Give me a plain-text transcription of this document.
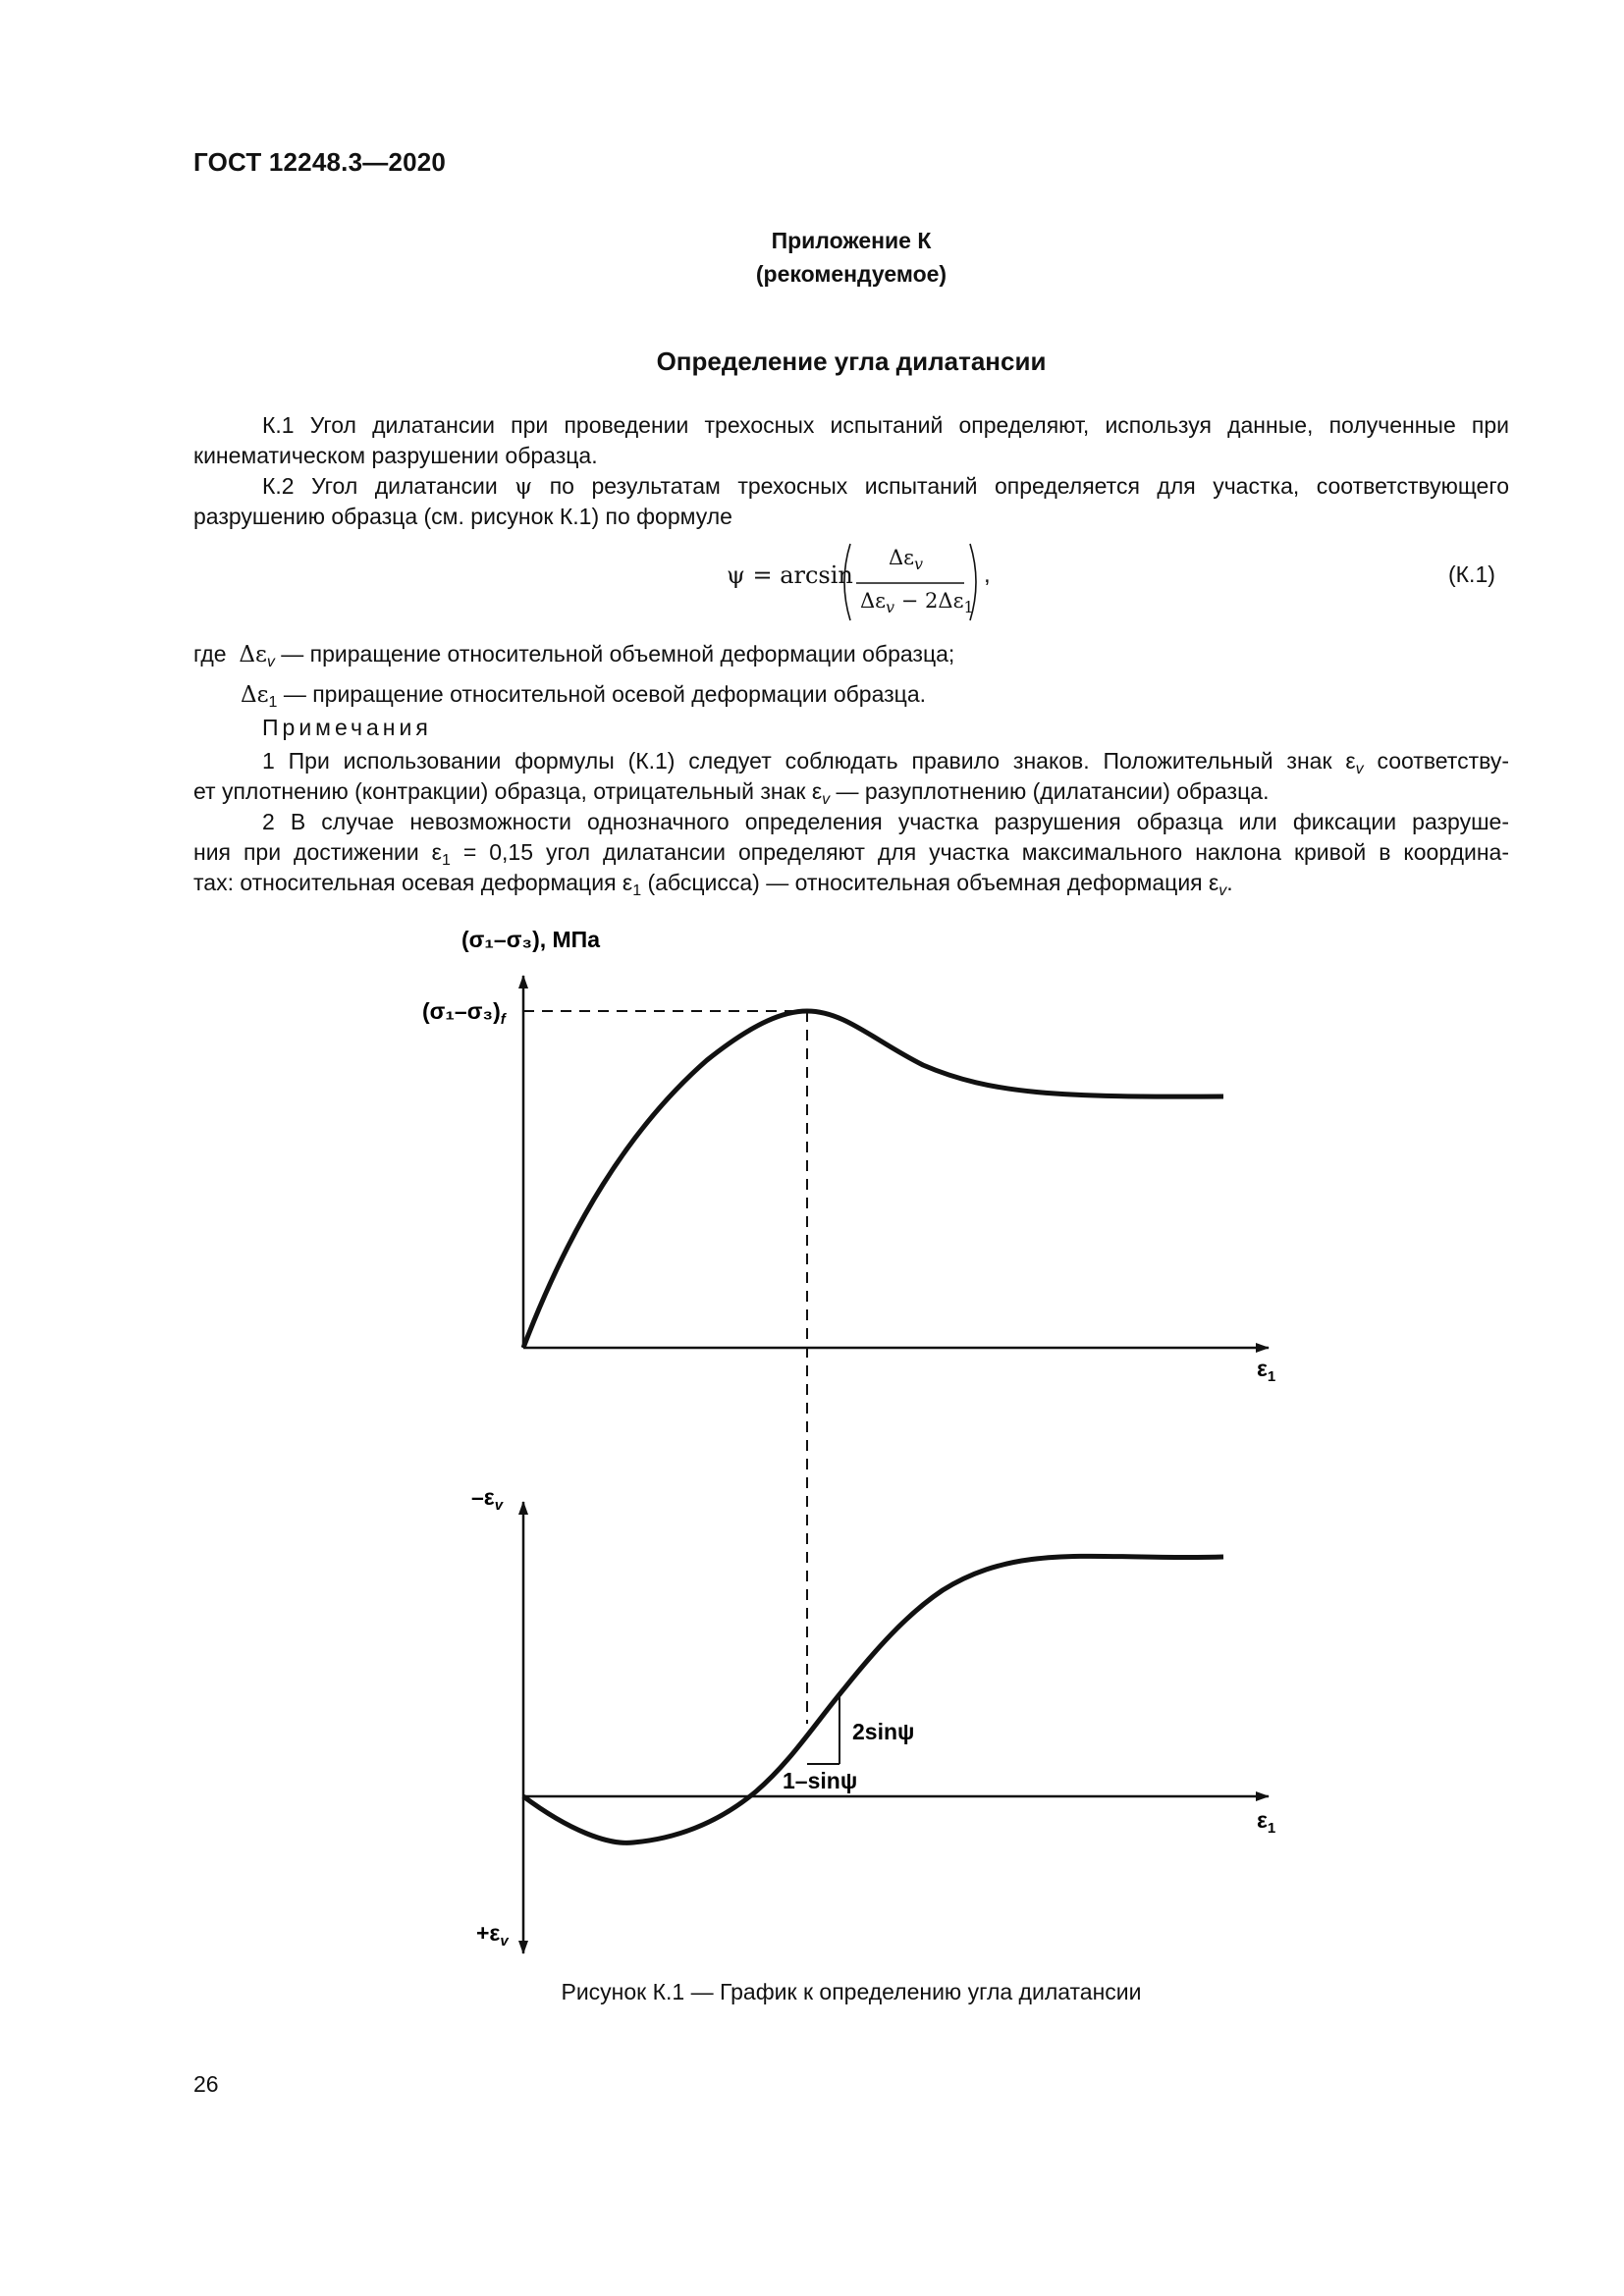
ГОСТ 12248.3—2020
Приложение К
(рекомендуемое)
Определение угла дилатансии
К.1 Угол дилатансии при проведении трехосных испытаний определяют, используя данные, полученные при
кинематическом разрушении образца.
К.2 Угол дилатансии ψ по результатам трехосных испытаний определяется для участка, соответствующего
разрушению образца (см. рисунок К.1) по формуле
ψ = arcsin
$\Delta\varepsilon_v$
$\Delta\varepsilon_v - 2\Delta\varepsilon_1$
,	(К.1)
где $\Delta\varepsilon_v$ — приращение относительной объемной деформации образца;
$\Delta\varepsilon_1$ — приращение относительной осевой деформации образца.
Примечания
1 При использовании формулы (К.1) следует соблюдать правило знаков. Положительный знак $\varepsilon_v$ соответству-
ет уплотнению (контракции) образца, отрицательный знак $\varepsilon_v$ — разуплотнению (дилатансии) образца.
2 В случае невозможности однозначного определения участка разрушения образца или фиксации разруше-
ния при достижении $\varepsilon_1 = 0,15$ угол дилатансии определяют для участка максимального наклона кривой в координа-
тах: относительная осевая деформация $\varepsilon_1$ (абсцисса) — относительная объемная деформация $\varepsilon_v$.
(σ₁–σ₃), МПа
$(\sigma_1-\sigma_3)_f$
$\varepsilon_1$
$-\varepsilon_v$
$+\varepsilon_v$
$\varepsilon_1$
2sinψ
1–sinψ
Рисунок К.1 — График к определению угла дилатансии
26
